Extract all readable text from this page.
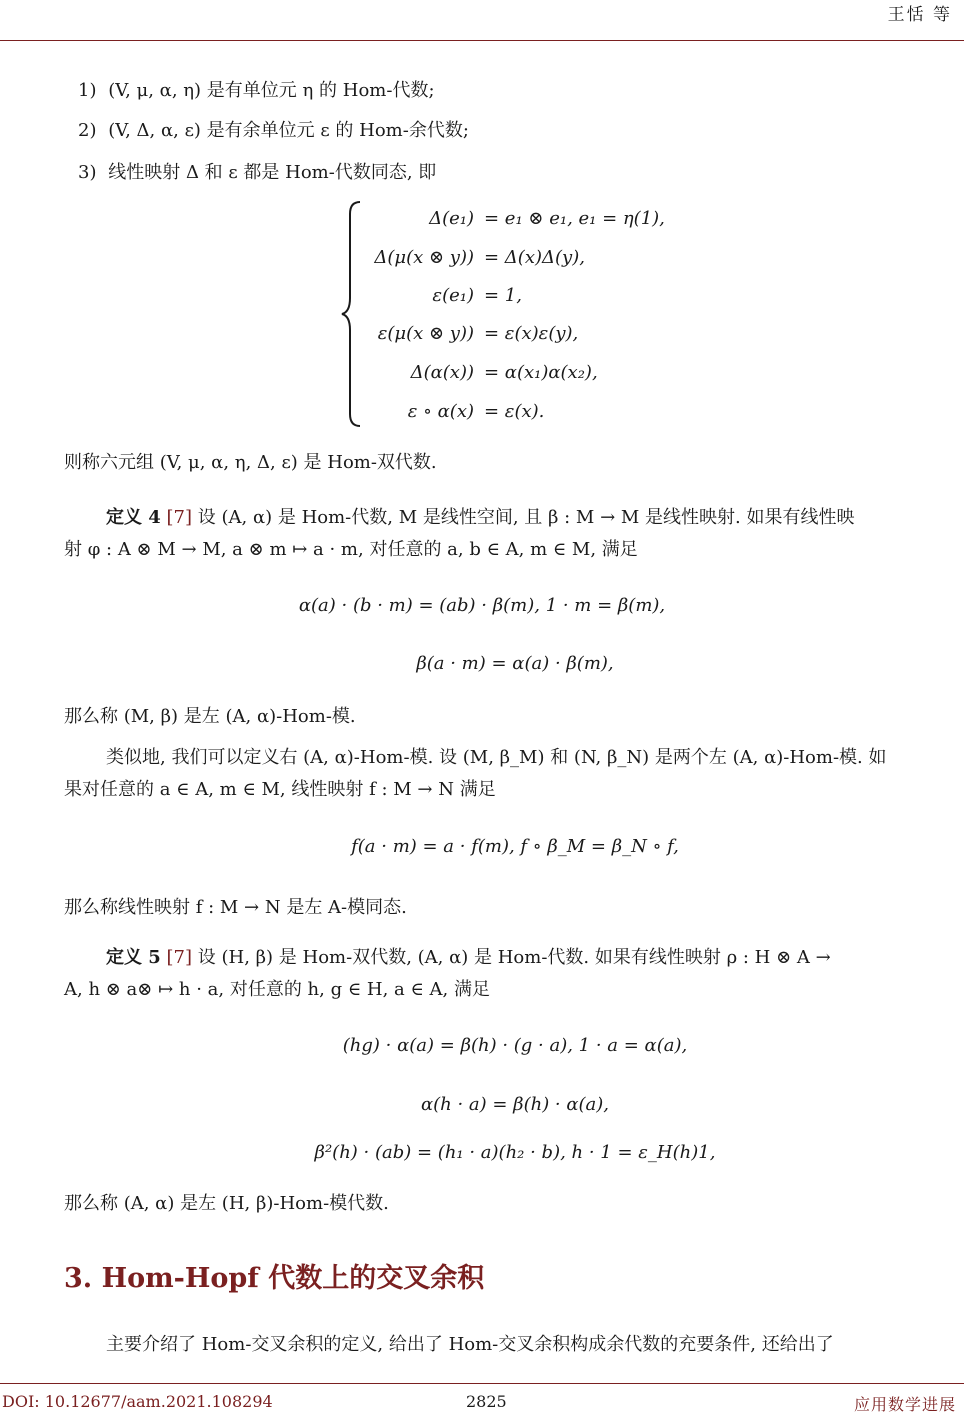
王恬 等
1) (V, μ, α, η) 是有单位元 η 的 Hom-代数;
2) (V, Δ, α, ε) 是有余单位元 ε 的 Hom-余代数;
3) 线性映射 Δ 和 ε 都是 Hom-代数同态, 即
Δ(e₁) = e₁ ⊗ e₁, e₁ = η(1),
Δ(μ(x ⊗ y)) = Δ(x)Δ(y),
ε(e₁) = 1,
ε(μ(x ⊗ y)) = ε(x)ε(y),
Δ(α(x)) = α(x₁)α(x₂),
ε ∘ α(x) = ε(x).
则称六元组 (V, μ, α, η, Δ, ε) 是 Hom-双代数.
定义 4 [7] 设 (A, α) 是 Hom-代数, M 是线性空间, 且 β : M → M 是线性映射. 如果有线性映
射 φ : A ⊗ M → M, a ⊗ m ↦ a · m, 对任意的 a, b ∈ A, m ∈ M, 满足
α(a) · (b · m) = (ab) · β(m), 1 · m = β(m),
β(a · m) = α(a) · β(m),
那么称 (M, β) 是左 (A, α)-Hom-模.
类似地, 我们可以定义右 (A, α)-Hom-模. 设 (M, β_M) 和 (N, β_N) 是两个左 (A, α)-Hom-模. 如
果对任意的 a ∈ A, m ∈ M, 线性映射 f : M → N 满足
f(a · m) = a · f(m), f ∘ β_M = β_N ∘ f,
那么称线性映射 f : M → N 是左 A-模同态.
定义 5 [7] 设 (H, β) 是 Hom-双代数, (A, α) 是 Hom-代数. 如果有线性映射 ρ : H ⊗ A →
A, h ⊗ a⊗ ↦ h · a, 对任意的 h, g ∈ H, a ∈ A, 满足
(hg) · α(a) = β(h) · (g · a), 1 · a = α(a),
α(h · a) = β(h) · α(a),
β²(h) · (ab) = (h₁ · a)(h₂ · b), h · 1 = ε_H(h)1,
那么称 (A, α) 是左 (H, β)-Hom-模代数.
3. Hom-Hopf 代数上的交叉余积
主要介绍了 Hom-交叉余积的定义, 给出了 Hom-交叉余积构成余代数的充要条件, 还给出了
DOI: 10.12677/aam.2021.108294	2825	应用数学进展
